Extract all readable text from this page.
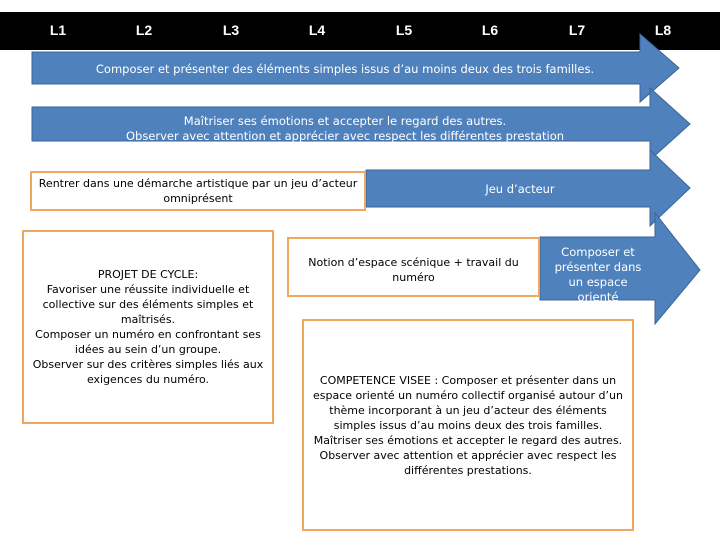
L1	L2	L3	L4	L5	L6	L7	L8
Composer et présenter des éléments simples issus d’au moins deux des trois familles.
Maîtriser ses émotions et accepter le regard des autres.
Observer avec attention et apprécier avec respect les différentes prestation
Jeu d’acteur
Composer et présenter dans un espace orienté
Rentrer dans une démarche artistique par un jeu d’acteur omniprésent
PROJET DE CYCLE:
Favoriser une réussite individuelle et collective sur des éléments simples et maîtrisés.
Composer un numéro en confrontant ses idées au sein d’un groupe.
Observer sur des critères simples liés aux exigences du numéro.
Notion d’espace scénique + travail du numéro
COMPETENCE VISEE : Composer et présenter dans un espace orienté un numéro collectif organisé autour d’un thème incorporant à un jeu d’acteur des éléments simples issus d’au moins deux des trois familles.
Maîtriser ses émotions et accepter le regard des autres.
Observer avec attention et apprécier avec respect les différentes prestations.
